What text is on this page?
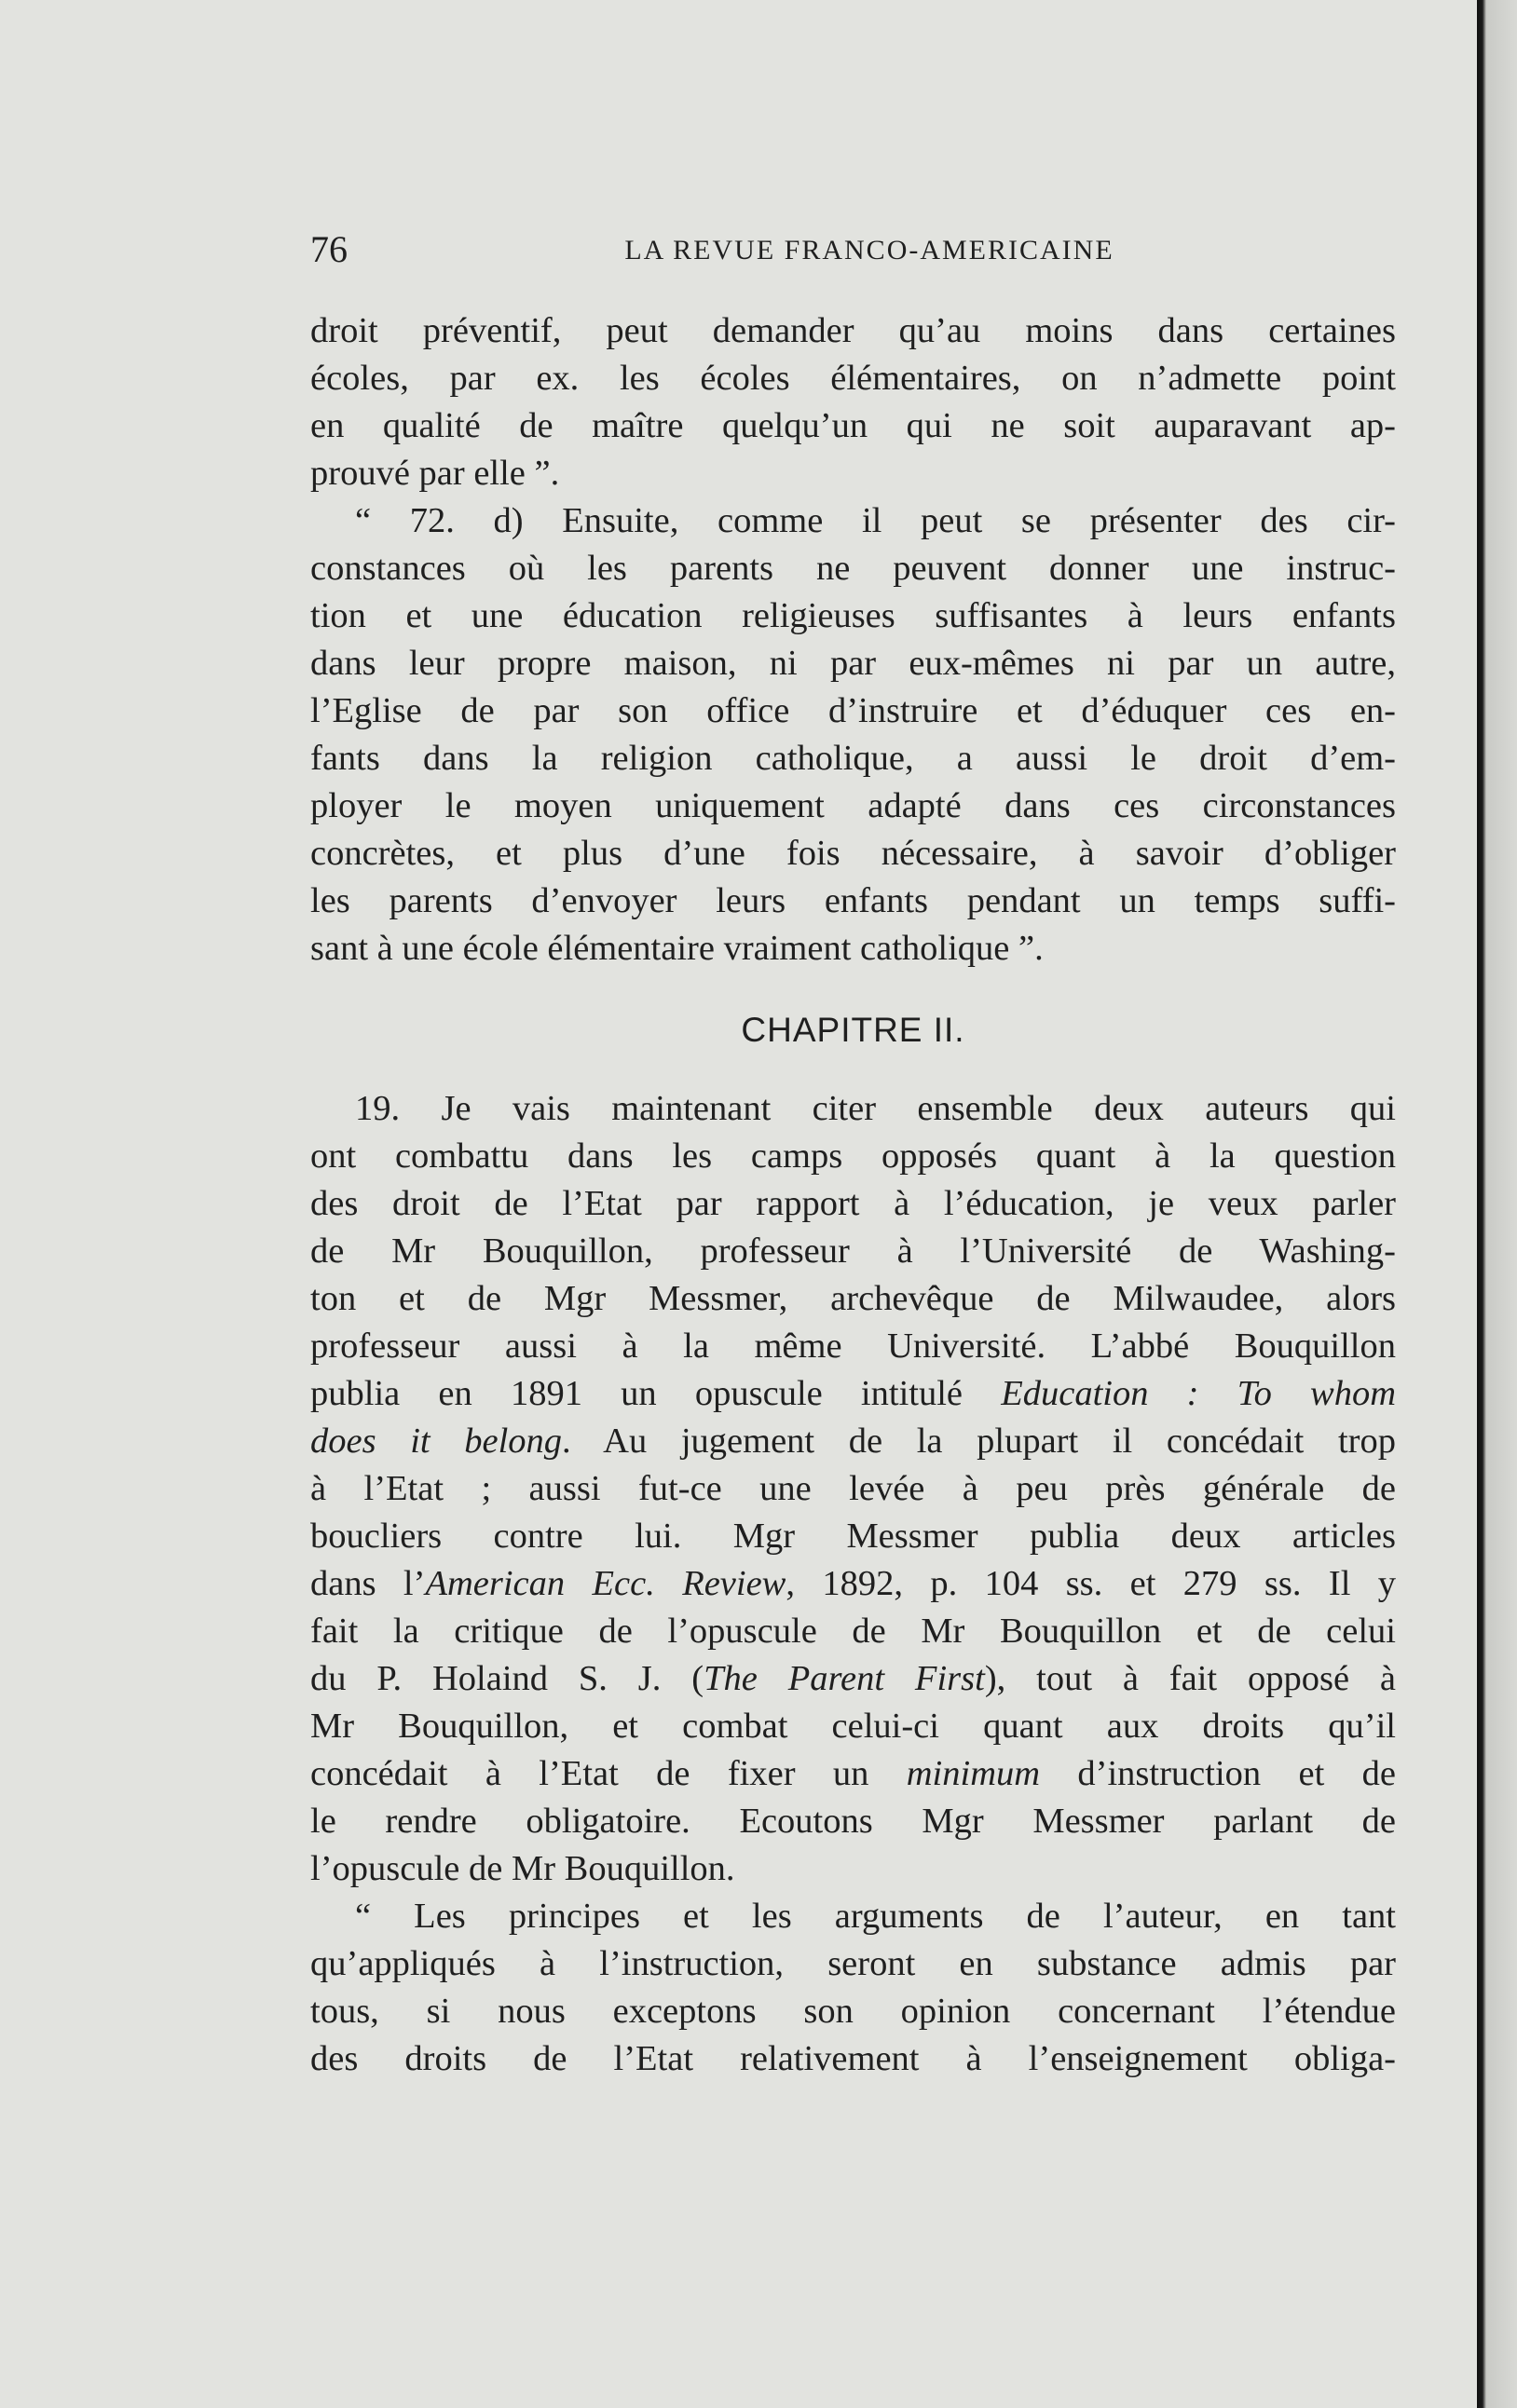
76	LA REVUE FRANCO-AMERICAINE
droit préventif, peut demander qu’au moins dans certaines
écoles, par ex. les écoles élémentaires, on n’admette point
en qualité de maître quelqu’un qui ne soit auparavant ap-
prouvé par elle ”.
“ 72. d) Ensuite, comme il peut se présenter des cir-
constances où les parents ne peuvent donner une instruc-
tion et une éducation religieuses suffisantes à leurs enfants
dans leur propre maison, ni par eux-mêmes ni par un autre,
l’Eglise de par son office d’instruire et d’éduquer ces en-
fants dans la religion catholique, a aussi le droit d’em-
ployer le moyen uniquement adapté dans ces circonstances
concrètes, et plus d’une fois nécessaire, à savoir d’obliger
les parents d’envoyer leurs enfants pendant un temps suffi-
sant à une école élémentaire vraiment catholique ”.
CHAPITRE II.
19. Je vais maintenant citer ensemble deux auteurs qui
ont combattu dans les camps opposés quant à la question
des droit de l’Etat par rapport à l’éducation, je veux parler
de Mr Bouquillon, professeur à l’Université de Washing-
ton et de Mgr Messmer, archevêque de Milwaudee, alors
professeur aussi à la même Université. L’abbé Bouquillon
publia en 1891 un opuscule intitulé Education : To whom
does it belong. Au jugement de la plupart il concédait trop
à l’Etat ; aussi fut-ce une levée à peu près générale de
boucliers contre lui. Mgr Messmer publia deux articles
dans l’American Ecc. Review, 1892, p. 104 ss. et 279 ss. Il y
fait la critique de l’opuscule de Mr Bouquillon et de celui
du P. Holaind S. J. (The Parent First), tout à fait opposé à
Mr Bouquillon, et combat celui-ci quant aux droits qu’il
concédait à l’Etat de fixer un minimum d’instruction et de
le rendre obligatoire. Ecoutons Mgr Messmer parlant de
l’opuscule de Mr Bouquillon.
“ Les principes et les arguments de l’auteur, en tant
qu’appliqués à l’instruction, seront en substance admis par
tous, si nous exceptons son opinion concernant l’étendue
des droits de l’Etat relativement à l’enseignement obliga-
